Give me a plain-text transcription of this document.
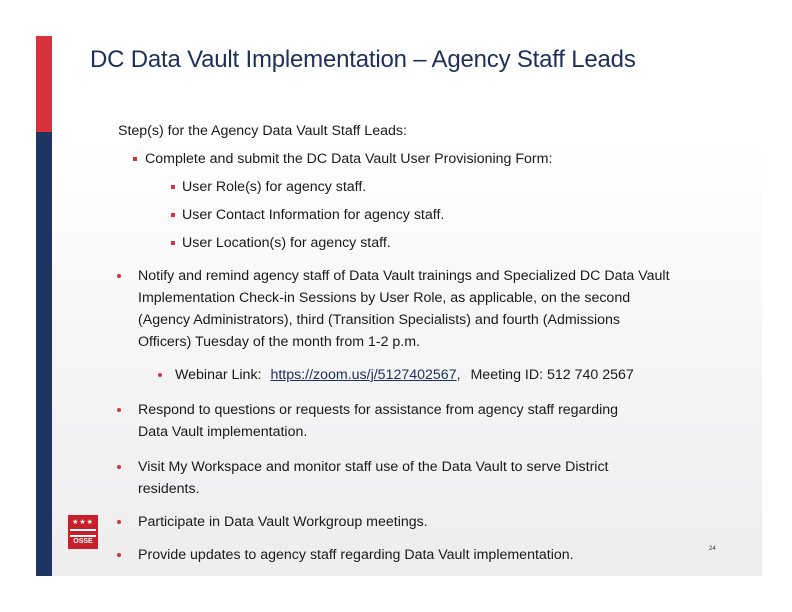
DC Data Vault Implementation – Agency Staff Leads
Step(s) for the Agency Data Vault Staff Leads:
Complete and submit the DC Data Vault User Provisioning Form:
User Role(s) for agency staff.
User Contact Information for agency staff.
User Location(s) for agency staff.
Notify and remind agency staff of Data Vault trainings and Specialized DC Data Vault
Implementation Check-in Sessions by User Role, as applicable, on the second
(Agency Administrators), third (Transition Specialists) and fourth (Admissions
Officers) Tuesday of the month from 1-2 p.m.
Webinar Link: https://zoom.us/j/5127402567, Meeting ID: 512 740 2567
Respond to questions or requests for assistance from agency staff regarding
Data Vault implementation.
Visit My Workspace and monitor staff use of the Data Vault to serve District
residents.
Participate in Data Vault Workgroup meetings.
Provide updates to agency staff regarding Data Vault implementation.
★★★
OSSE
24
